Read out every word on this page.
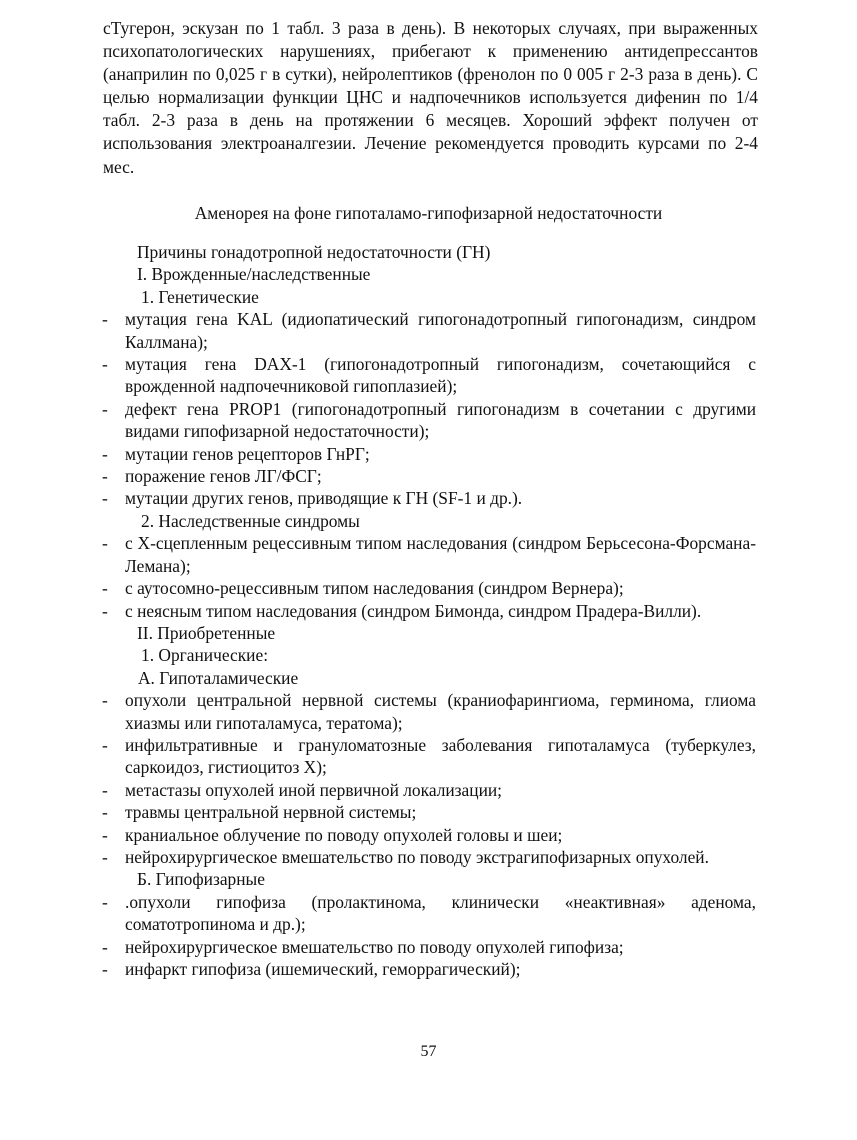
сТугерон, эскузан по 1 табл. 3 раза в день). В некоторых случаях, при выраженных психопатологических нарушениях, прибегают к применению антидепрессантов (анаприлин по 0,025 г в сутки), нейролептиков (френолон по 0 005 г 2-3 раза в день). С целью нормализации функции ЦНС и надпочечников используется дифенин по 1/4 табл. 2-3 раза в день на протяжении 6 месяцев. Хороший эффект получен от использования электроаналгезии. Лечение рекомендуется проводить курсами по 2-4 мес.
Аменорея на фоне гипоталамо-гипофизарной недостаточности
Причины гонадотропной недостаточности (ГН)
I. Врожденные/наследственные
1. Генетические
- мутация гена KAL (идиопатический гипогонадотропный гипогонадизм, синдром Каллмана);
- мутация гена DAX-1 (гипогонадотропный гипогонадизм, сочетающийся с врожденной надпочечниковой гипоплазией);
- дефект гена PROP1 (гипогонадотропный гипогонадизм в сочетании с другими видами гипофизарной недостаточности);
- мутации генов рецепторов ГнРГ;
- поражение генов ЛГ/ФСГ;
- мутации других генов, приводящие к ГН (SF-1 и др.).
2. Наследственные синдромы
- с Х-сцепленным рецессивным типом наследования (синдром Берьсесона-Форсмана-Лемана);
- с аутосомно-рецессивным типом наследования (синдром Вернера);
- с неясным типом наследования (синдром Бимонда, синдром Прадера-Вилли).
II. Приобретенные
1. Органические:
А. Гипоталамические
- опухоли центральной нервной системы (краниофарингиома, герминома, глиома хиазмы или гипоталамуса, тератома);
- инфильтративные и грануломатозные заболевания гипоталамуса (туберкулез, саркоидоз, гистиоцитоз Х);
- метастазы опухолей иной первичной локализации;
- травмы центральной нервной системы;
- краниальное облучение по поводу опухолей головы и шеи;
- нейрохирургическое вмешательство по поводу экстрагипофизарных опухолей.
Б. Гипофизарные
- .опухоли гипофиза (пролактинома, клинически «неактивная» аденома, соматотропинома и др.);
- нейрохирургическое вмешательство по поводу опухолей гипофиза;
- инфаркт гипофиза (ишемический, геморрагический);
57
